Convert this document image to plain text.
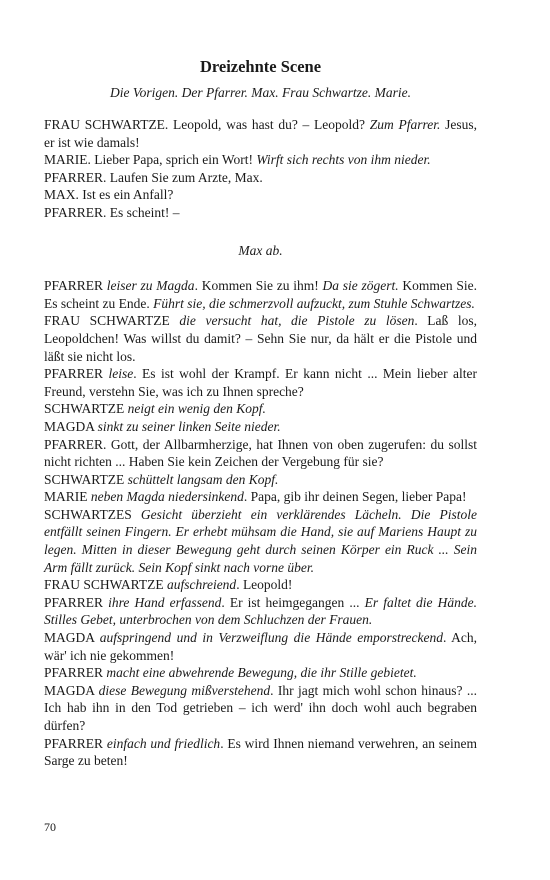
Dreizehnte Scene
Die Vorigen. Der Pfarrer. Max. Frau Schwartze. Marie.

FRAU SCHWARTZE. Leopold, was hast du? – Leopold? Zum Pfarrer. Jesus, er ist wie damals!

MARIE. Lieber Papa, sprich ein Wort! Wirft sich rechts von ihm nieder.

PFARRER. Laufen Sie zum Arzte, Max.

MAX. Ist es ein Anfall?

PFARRER. Es scheint! –

Max ab.

PFARRER leiser zu Magda. Kommen Sie zu ihm! Da sie zögert. Kommen Sie. Es scheint zu Ende. Führt sie, die schmerzvoll aufzuckt, zum Stuhle Schwartzes.

FRAU SCHWARTZE die versucht hat, die Pistole zu lösen. Laß los, Leopoldchen! Was willst du damit? – Sehn Sie nur, da hält er die Pistole und läßt sie nicht los.

PFARRER leise. Es ist wohl der Krampf. Er kann nicht ... Mein lieber alter Freund, verstehn Sie, was ich zu Ihnen spreche?

SCHWARTZE neigt ein wenig den Kopf.

MAGDA sinkt zu seiner linken Seite nieder.

PFARRER. Gott, der Allbarmherzige, hat Ihnen von oben zugerufen: du sollst nicht richten ... Haben Sie kein Zeichen der Vergebung für sie?

SCHWARTZE schüttelt langsam den Kopf.

MARIE neben Magda niedersinkend. Papa, gib ihr deinen Segen, lieber Papa!

SCHWARTZES Gesicht überzieht ein verklärendes Lächeln. Die Pistole entfällt seinen Fingern. Er erhebt mühsam die Hand, sie auf Mariens Haupt zu legen. Mitten in dieser Bewegung geht durch seinen Körper ein Ruck ... Sein Arm fällt zurück. Sein Kopf sinkt nach vorne über.

FRAU SCHWARTZE aufschreiend. Leopold!

PFARRER ihre Hand erfassend. Er ist heimgegangen ... Er faltet die Hände. Stilles Gebet, unterbrochen von dem Schluchzen der Frauen.

MAGDA aufspringend und in Verzweiflung die Hände emporstreckend. Ach, wär' ich nie gekommen!

PFARRER macht eine abwehrende Bewegung, die ihr Stille gebietet.

MAGDA diese Bewegung mißverstehend. Ihr jagt mich wohl schon hinaus? ... Ich hab ihn in den Tod getrieben – ich werd' ihn doch wohl auch begraben dürfen?

PFARRER einfach und friedlich. Es wird Ihnen niemand verwehren, an seinem Sarge zu beten!

70
